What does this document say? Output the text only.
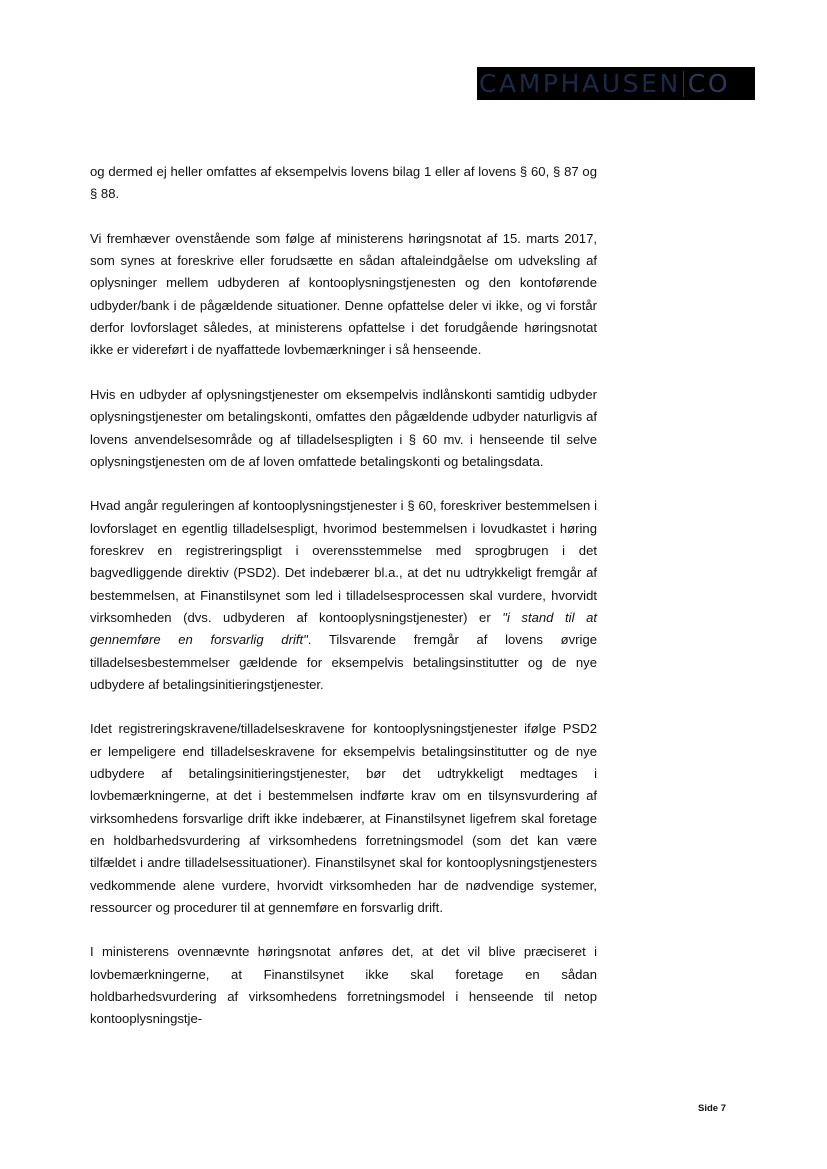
CAMPHAUSEN CO

og dermed ej heller omfattes af eksempelvis lovens bilag 1 eller af lovens § 60, § 87 og § 88.

Vi fremhæver ovenstående som følge af ministerens høringsnotat af 15. marts 2017, som synes at foreskrive eller forudsætte en sådan aftaleindgåelse om udveksling af oplysninger mellem udbyderen af kontooplysningstjenesten og den kontoførende udbyder/bank i de pågældende situationer. Denne opfattelse deler vi ikke, og vi forstår derfor lovforslaget således, at ministerens opfattelse i det forudgående høringsnotat ikke er videreført i de nyaffattede lovbemærkninger i så henseende.

Hvis en udbyder af oplysningstjenester om eksempelvis indlånskonti samtidig udbyder oplysningstjenester om betalingskonti, omfattes den pågældende udbyder naturligvis af lovens anvendelsesområde og af tilladelsespligten i § 60 mv. i henseende til selve oplysningstjenesten om de af loven omfattede betalingskonti og betalingsdata.

Hvad angår reguleringen af kontooplysningstjenester i § 60, foreskriver bestemmelsen i lovforslaget en egentlig tilladelsespligt, hvorimod bestemmelsen i lovudkastet i høring foreskrev en registreringspligt i overensstemmelse med sprogbrugen i det bagvedliggende direktiv (PSD2). Det indebærer bl.a., at det nu udtrykkeligt fremgår af bestemmelsen, at Finanstilsynet som led i tilladelsesprocessen skal vurdere, hvorvidt virksomheden (dvs. udbyderen af kontooplysningstjenester) er "i stand til at gennemføre en forsvarlig drift". Tilsvarende fremgår af lovens øvrige tilladelsesbestemmelser gældende for eksempelvis betalingsinstitutter og de nye udbydere af betalingsinitieringstjenester.

Idet registreringskravene/tilladelseskravene for kontooplysningstjenester ifølge PSD2 er lempeligere end tilladelseskravene for eksempelvis betalingsinstitutter og de nye udbydere af betalingsinitieringstjenester, bør det udtrykkeligt medtages i lovbemærkningerne, at det i bestemmelsen indførte krav om en tilsynsvurdering af virksomhedens forsvarlige drift ikke indebærer, at Finanstilsynet ligefrem skal foretage en holdbarhedsvurdering af virksomhedens forretningsmodel (som det kan være tilfældet i andre tilladelsessituationer). Finanstilsynet skal for kontooplysningstjenesters vedkommende alene vurdere, hvorvidt virksomheden har de nødvendige systemer, ressourcer og procedurer til at gennemføre en forsvarlig drift.

I ministerens ovennævnte høringsnotat anføres det, at det vil blive præciseret i lovbemærkningerne, at Finanstilsynet ikke skal foretage en sådan holdbarhedsvurdering af virksomhedens forretningsmodel i henseende til netop kontooplysningstje-

Side 7
